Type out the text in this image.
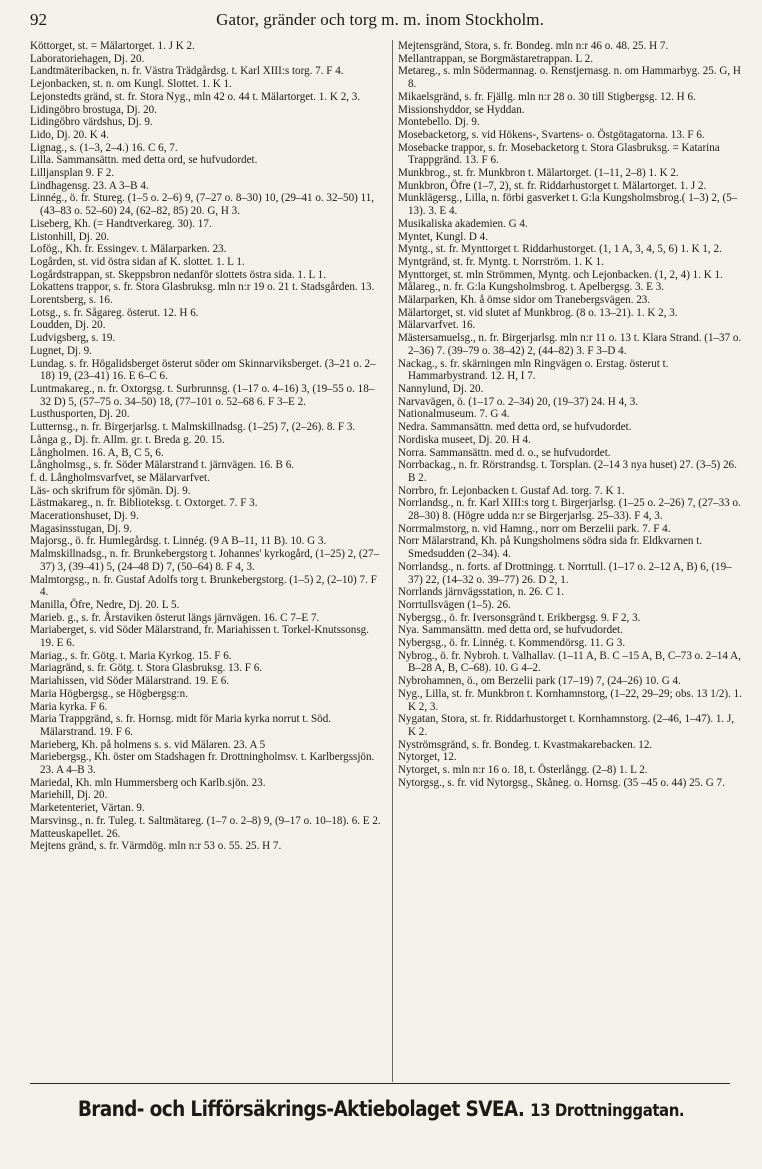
92	Gator, gränder och torg m. m. inom Stockholm.
Köttorget, st. = Mälartorget. 1. J K 2.
Laboratoriehagen, Dj. 20.
Landtmäteribacken, n. fr. Västra Trädgårdsg. t. Karl XIII:s torg. 7. F 4.
Lejonbacken, st. n. om Kungl. Slottet. 1. K 1.
Lejonstedts gränd, st. fr. Stora Nyg., mln 42 o. 44 t. Mälartorget. 1. K 2, 3.
Lidingöbro brostuga, Dj. 20.
Lidingöbro värdshus, Dj. 9.
Lido, Dj. 20. K 4.
Lignag., s. (1–3, 2–4.) 16. C 6, 7.
Lilla. Sammansättn. med detta ord, se hufvudordet.
Lilljansplan 9. F 2.
Lindhagensg. 23. A 3–B 4.
Linnég., ö. fr. Stureg. (1–5 o. 2–6) 9, (7–27 o. 8–30) 10, (29–41 o. 32–50) 11, (43–83 o. 52–60) 24, (62–82, 85) 20. G, H 3.
Liseberg, Kh. (= Handtverkareg. 30). 17.
Listonhill, Dj. 20.
Lofög., Kh. fr. Essingev. t. Mälarparken. 23.
Logården, st. vid östra sidan af K. slottet. 1. L 1.
Logårdstrappan, st. Skeppsbron nedanför slottets östra sida. 1. L 1.
Lokattens trappor, s. fr. Stora Glasbruksg. mln n:r 19 o. 21 t. Stadsgården. 13.
Lorentsberg, s. 16.
Lotsg., s. fr. Sågareg. österut. 12. H 6.
Loudden, Dj. 20.
Ludvigsberg, s. 19.
Lugnet, Dj. 9.
Lundag. s. fr. Högalidsberget österut söder om Skinnarviksberget. (3–21 o. 2–18) 19, (23–41) 16. E 6–C 6.
Luntmakareg., n. fr. Oxtorgsg. t. Surbrunnsg. (1–17 o. 4–16) 3, (19–55 o. 18–32 D) 5, (57–75 o. 34–50) 18, (77–101 o. 52–68 6. F 3–E 2.
Lusthusporten, Dj. 20.
Lutternsg., n. fr. Birgerjarlsg. t. Malmskillnadsg. (1–25) 7, (2–26). 8. F 3.
Långa g., Dj. fr. Allm. gr. t. Breda g. 20. 15.
Långholmen. 16. A, B, C 5, 6.
Långholmsg., s. fr. Söder Mälarstrand t. järnvägen. 16. B 6.
f. d. Långholmsvarfvet, se Mälarvarfvet.
Läs- och skrifrum för sjömän. Dj. 9.
Lästmakareg., n. fr. Biblioteksg. t. Oxtorget. 7. F 3.
Macerationshuset, Dj. 9.
Magasinsstugan, Dj. 9.
Majorsg., ö. fr. Humlegårdsg. t. Linnég. (9 A B–11, 11 B). 10. G 3.
Malmskillnadsg., n. fr. Brunkebergstorg t. Johannes' kyrkogård, (1–25) 2, (27–37) 3, (39–41) 5, (24–48 D) 7, (50–64) 8. F 4, 3.
Malmtorgsg., n. fr. Gustaf Adolfs torg t. Brunkebergstorg. (1–5) 2, (2–10) 7. F 4.
Manilla, Öfre, Nedre, Dj. 20. L 5.
Marieb. g., s. fr. Årstaviken österut längs järnvägen. 16. C 7–E 7.
Mariaberget, s. vid Söder Mälarstrand, fr. Mariahissen t. Torkel-Knutssonsg. 19. E 6.
Mariag., s. fr. Götg. t. Maria Kyrkog. 15. F 6.
Mariagränd, s. fr. Götg. t. Stora Glasbruksg. 13. F 6.
Mariahissen, vid Söder Mälarstrand. 19. E 6.
Maria Högbergsg., se Högbergsg:n.
Maria kyrka. F 6.
Maria Trappgränd, s. fr. Hornsg. midt för Maria kyrka norrut t. Söd. Mälarstrand. 19. F 6.
Marieberg, Kh. på holmens s. s. vid Mälaren. 23. A 5
Mariebergsg., Kh. öster om Stadshagen fr. Drottningholmsv. t. Karlbergssjön. 23. A 4–B 3.
Mariedal, Kh. mln Hummersberg och Karlb.sjön. 23.
Mariehill, Dj. 20.
Marketenteriet, Värtan. 9.
Marsvinsg., n. fr. Tuleg. t. Saltmätareg. (1–7 o. 2–8) 9, (9–17 o. 10–18). 6. E 2.
Matteuskapellet. 26.
Mejtens gränd, s. fr. Värmdög. mln n:r 53 o. 55. 25. H 7.
Mejtensgränd, Stora, s. fr. Bondeg. mln n:r 46 o. 48. 25. H 7.
Mellantrappan, se Borgmästaretrappan. L 2.
Metareg., s. mln Södermannag. o. Renstjernasg. n. om Hammarbyg. 25. G, H 8.
Mikaelsgränd, s. fr. Fjällg. mln n:r 28 o. 30 till Stigbergsg. 12. H 6.
Missionshyddor, se Hyddan.
Montebello. Dj. 9.
Mosebacketorg, s. vid Hökens-, Svartens- o. Östgötagatorna. 13. F 6.
Mosebacke trappor, s. fr. Mosebacketorg t. Stora Glasbruksg. = Katarina Trappgränd. 13. F 6.
Munkbrog., st. fr. Munkbron t. Mälartorget. (1–11, 2–8) 1. K 2.
Munkbron, Öfre (1–7, 2), st. fr. Riddarhustorget t. Mälartorget. 1. J 2.
Munklägersg., Lilla, n. förbi gasverket t. G:la Kungsholmsbrog.( 1–3) 2, (5–13). 3. E 4.
Musikaliska akademien. G 4.
Myntet, Kungl. D 4.
Myntg., st. fr. Mynttorget t. Riddarhustorget. (1, 1 A, 3, 4, 5, 6) 1. K 1, 2.
Myntgränd, st. fr. Myntg. t. Norrström. 1. K 1.
Mynttorget, st. mln Strömmen, Myntg. och Lejonbacken. (1, 2, 4) 1. K 1.
Målareg., n. fr. G:la Kungsholmsbrog. t. Apelbergsg. 3. E 3.
Mälarparken, Kh. å ömse sidor om Tranebergsvägen. 23.
Mälartorget, st. vid slutet af Munkbrog. (8 o. 13–21). 1. K 2, 3.
Mälarvarfvet. 16.
Mästersamuelsg., n. fr. Birgerjarlsg. mln n:r 11 o. 13 t. Klara Strand. (1–37 o. 2–36) 7. (39–79 o. 38–42) 2, (44–82) 3. F 3–D 4.
Nackag., s. fr. skärningen mln Ringvägen o. Erstag. österut t. Hammarbystrand. 12. H, I 7.
Nannylund, Dj. 20.
Narvavägen, ö. (1–17 o. 2–34) 20, (19–37) 24. H 4, 3.
Nationalmuseum. 7. G 4.
Nedra. Sammansättn. med detta ord, se hufvudordet.
Nordiska museet, Dj. 20. H 4.
Norra. Sammansättn. med d. o., se hufvudordet.
Norrbackag., n. fr. Rörstrandsg. t. Torsplan. (2–14 3 nya huset) 27. (3–5) 26. B 2.
Norrbro, fr. Lejonbacken t. Gustaf Ad. torg. 7. K 1.
Norrlandsg., n. fr. Karl XIII:s torg t. Birgerjarlsg. (1–25 o. 2–26) 7, (27–33 o. 28–30) 8. (Högre udda n:r se Birgerjarlsg. 25–33). F 4, 3.
Norrmalmstorg, n. vid Hamng., norr om Berzelii park. 7. F 4.
Norr Mälarstrand, Kh. på Kungsholmens södra sida fr. Eldkvarnen t. Smedsudden (2–34). 4.
Norrlandsg., n. forts. af Drottningg. t. Norrtull. (1–17 o. 2–12 A, B) 6, (19–37) 22, (14–32 o. 39–77) 26. D 2, 1.
Norrlands järnvägsstation, n. 26. C 1.
Norrtullsvägen (1–5). 26.
Nybergsg., ö. fr. Iversonsgränd t. Erikbergsg. 9. F 2, 3.
Nya. Sammansättn. med detta ord, se hufvudordet.
Nybergsg., ö. fr. Linnég. t. Kommendörsg. 11. G 3.
Nybrog., ö. fr. Nybroh. t. Valhallav. (1–11 A, B. C –15 A, B, C–73 o. 2–14 A, B–28 A, B, C–68). 10. G 4–2.
Nybrohamnen, ö., om Berzelii park (17–19) 7, (24–26) 10. G 4.
Nyg., Lilla, st. fr. Munkbron t. Kornhamnstorg, (1–22, 29–29; obs. 13 1/2). 1. K 2, 3.
Nygatan, Stora, st. fr. Riddarhustorget t. Kornhamnstorg. (2–46, 1–47). 1. J, K 2.
Nyströmsgränd, s. fr. Bondeg. t. Kvastmakarebacken. 12.
Nytorget, 12.
Nytorget, s. mln n:r 16 o. 18, t. Österlångg. (2–8) 1. L 2.
Nytorgsg., s. fr. vid Nytorgsg., Skåneg. o. Hornsg. (35 –45 o. 44) 25. G 7.
Brand- och Lifförsäkrings-Aktiebolaget SVEA. 13 Drottninggatan.
